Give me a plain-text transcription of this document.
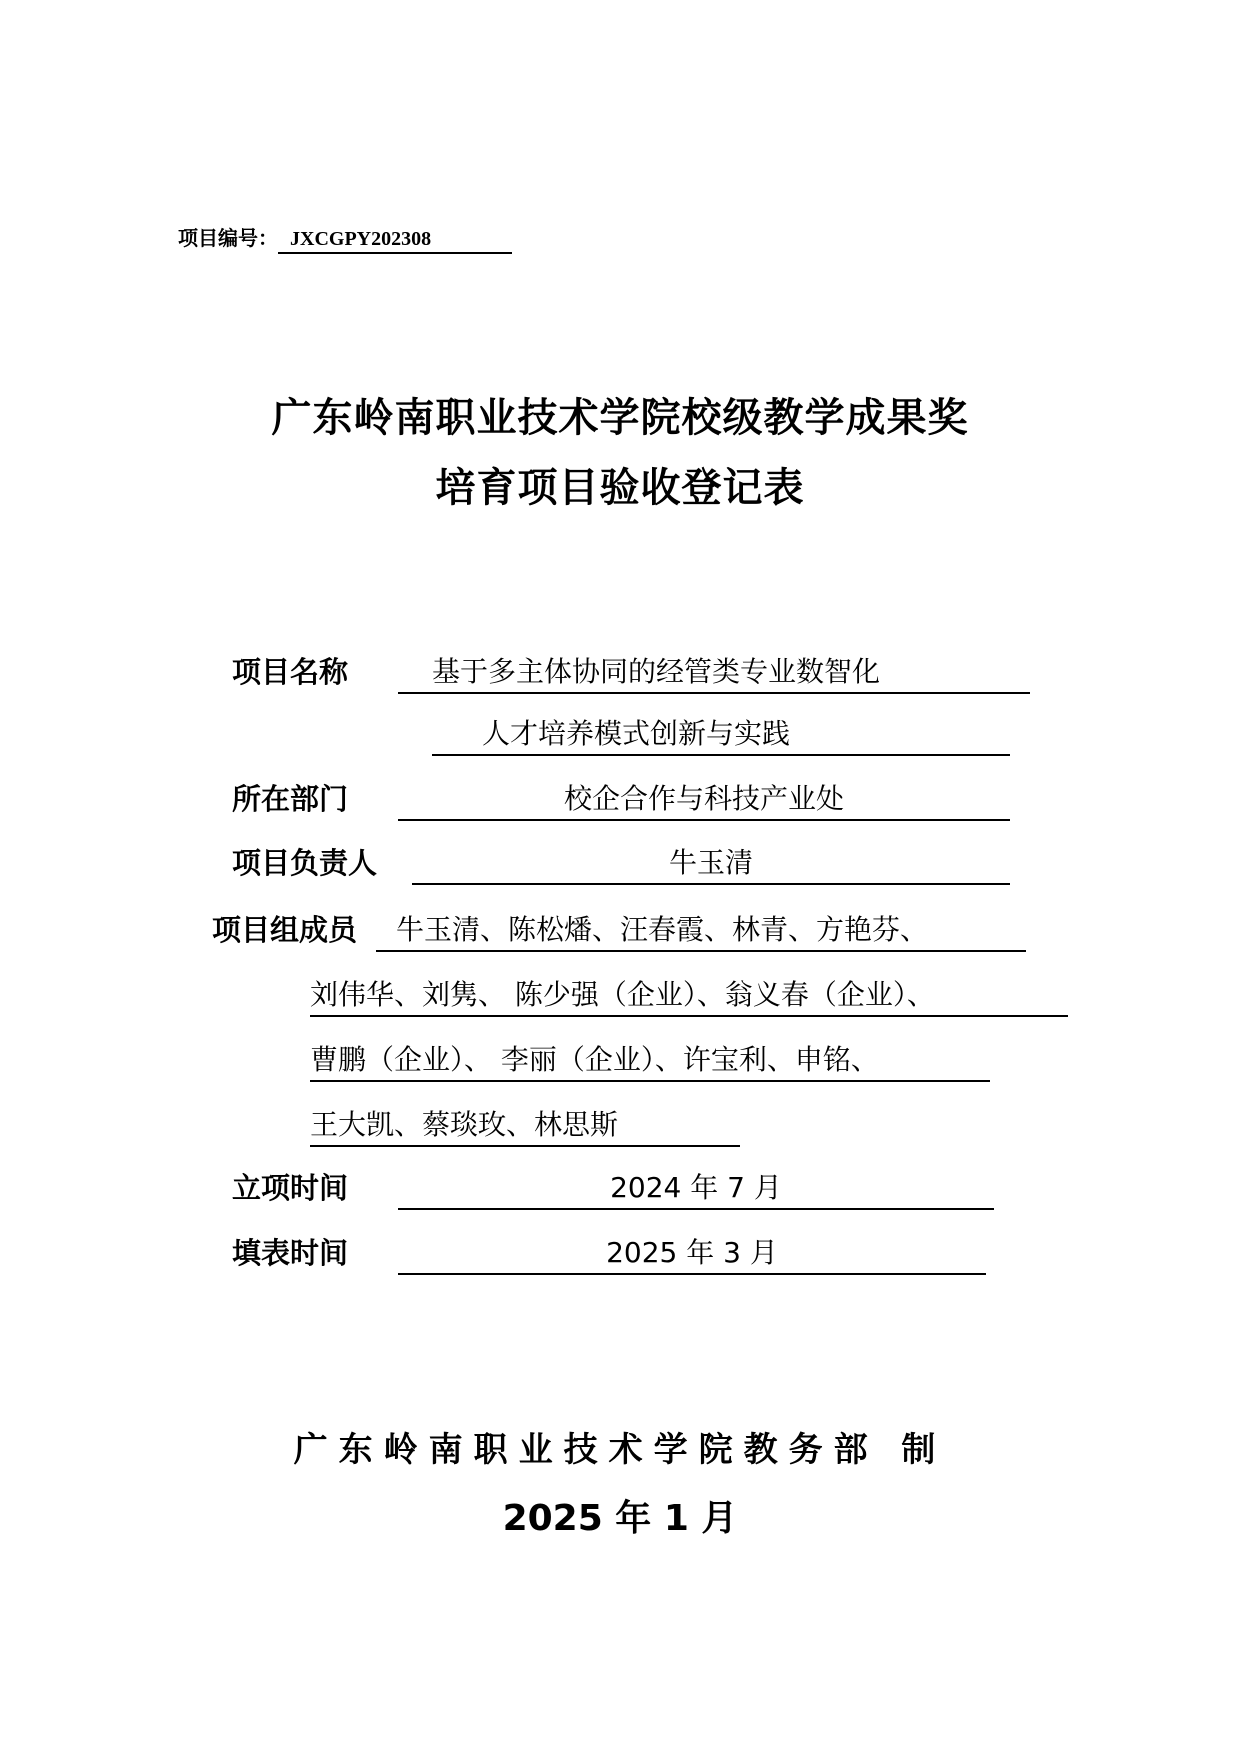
项目编号： JXCGPY202308
广东岭南职业技术学院校级教学成果奖
培育项目验收登记表
项目名称	基于多主体协同的经管类专业数智化
人才培养模式创新与实践
所在部门	校企合作与科技产业处
项目负责人	牛玉清
项目组成员	牛玉清、陈松燔、汪春霞、林青、方艳芬、
刘伟华、刘隽、 陈少强（企业）、翁义春（企业）、
曹鹏（企业）、 李丽（企业）、许宝利、申铭、
王大凯、蔡琰玫、林思斯
立项时间	2024 年 7 月
填表时间	2025 年 3 月
广东岭南职业技术学院教务部 制
2025 年 1 月
